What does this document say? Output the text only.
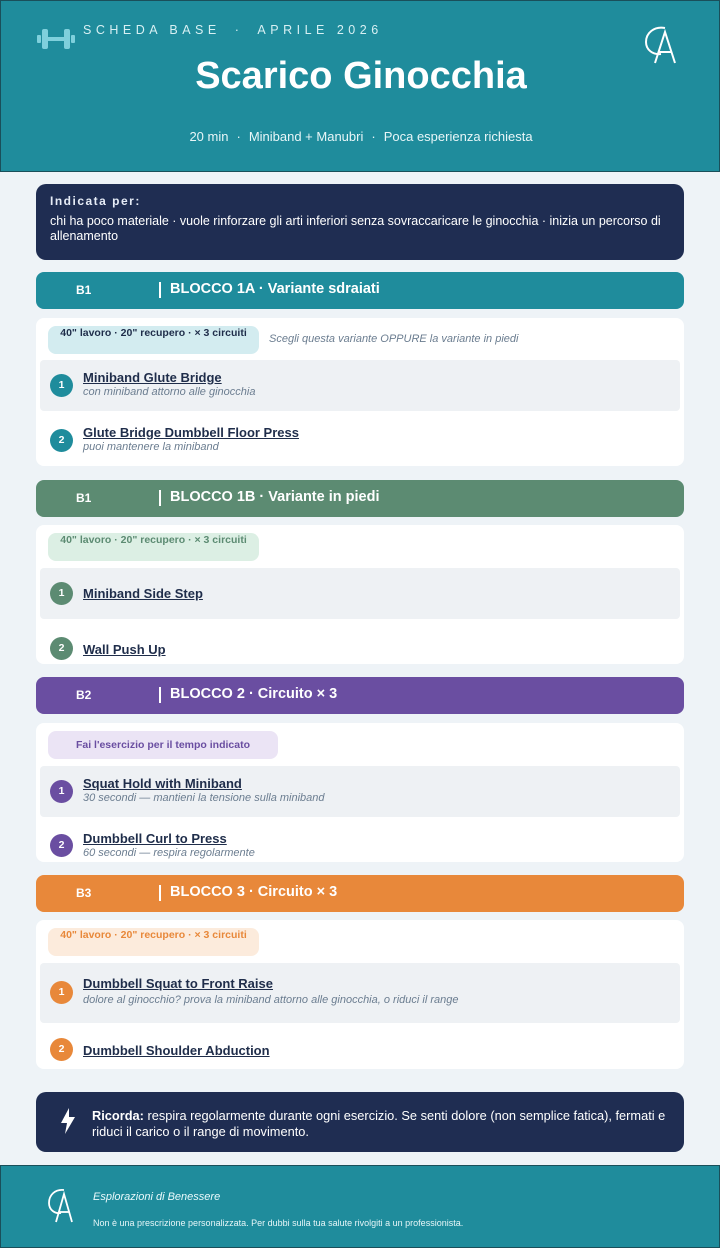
SCHEDA BASE · APRILE 2026
Scarico Ginocchia
20 min · Miniband + Manubri · Poca esperienza richiesta
Indicata per:
chi ha poco materiale · vuole rinforzare gli arti inferiori senza sovraccaricare le ginocchia · inizia un percorso di allenamento
B1	BLOCCO 1A · Variante sdraiati
40" lavoro · 20" recupero · × 3 circuiti	Scegli questa variante OPPURE la variante in piedi
1	Miniband Glute Bridge
con miniband attorno alle ginocchia
2	Glute Bridge Dumbbell Floor Press
puoi mantenere la miniband
B1	BLOCCO 1B · Variante in piedi
40" lavoro · 20" recupero · × 3 circuiti
1	Miniband Side Step
2	Wall Push Up
B2	BLOCCO 2 · Circuito × 3
Fai l'esercizio per il tempo indicato
1	Squat Hold with Miniband
30 secondi — mantieni la tensione sulla miniband
2	Dumbbell Curl to Press
60 secondi — respira regolarmente
B3	BLOCCO 3 · Circuito × 3
40" lavoro · 20" recupero · × 3 circuiti
1
Dumbbell Squat to Front Raise
dolore al ginocchio? prova la miniband attorno alle ginocchia, o riduci il range
2	Dumbbell Shoulder Abduction
Ricorda: respira regolarmente durante ogni esercizio. Se senti dolore (non semplice fatica), fermati e riduci il carico o il range di movimento.
Esplorazioni di Benessere
Non è una prescrizione personalizzata. Per dubbi sulla tua salute rivolgiti a un professionista.
